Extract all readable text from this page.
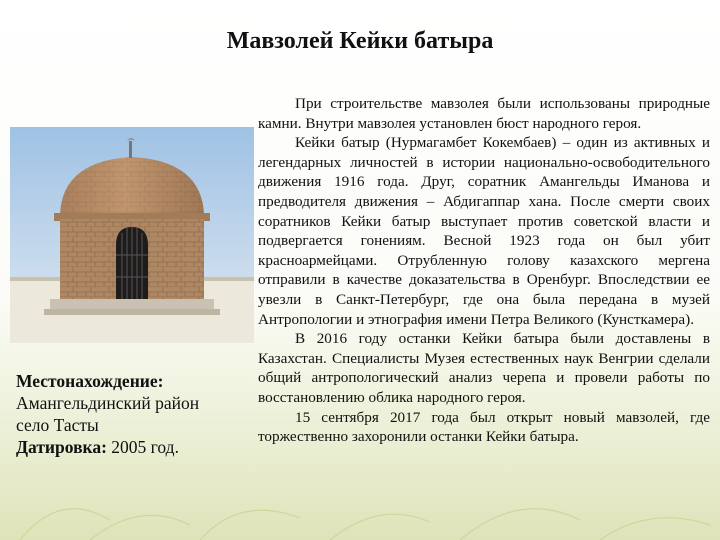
Мавзолей Кейки батыра
Местонахождение:
Амангельдинский район
село Тасты
Датировка: 2005 год.

При строительстве мавзолея были использованы природные камни. Внутри мавзолея установлен бюст народного героя.

Кейки батыр (Нурмагамбет Кокембаев) – один из активных и легендарных личностей в истории национально-освободительного движения 1916 года. Друг, соратник Амангельды Иманова и предводителя движения – Абдигаппар хана. После смерти своих соратников Кейки батыр выступает против советской власти и подвергается гонениям. Весной 1923 года он был убит красноармейцами. Отрубленную голову казахского мергена отправили в качестве доказательства в Оренбург. Впоследствии ее увезли в Санкт-Петербург, где она была передана в музей Антропологии и этнография имени Петра Великого (Кунсткамера).

В 2016 году останки Кейки батыра были доставлены в Казахстан. Специалисты Музея естественных наук Венгрии сделали общий антропологический анализ черепа и провели работы по восстановлению облика народного героя.

15 сентября 2017 года был открыт новый мавзолей, где торжественно захоронили останки Кейки батыра.
